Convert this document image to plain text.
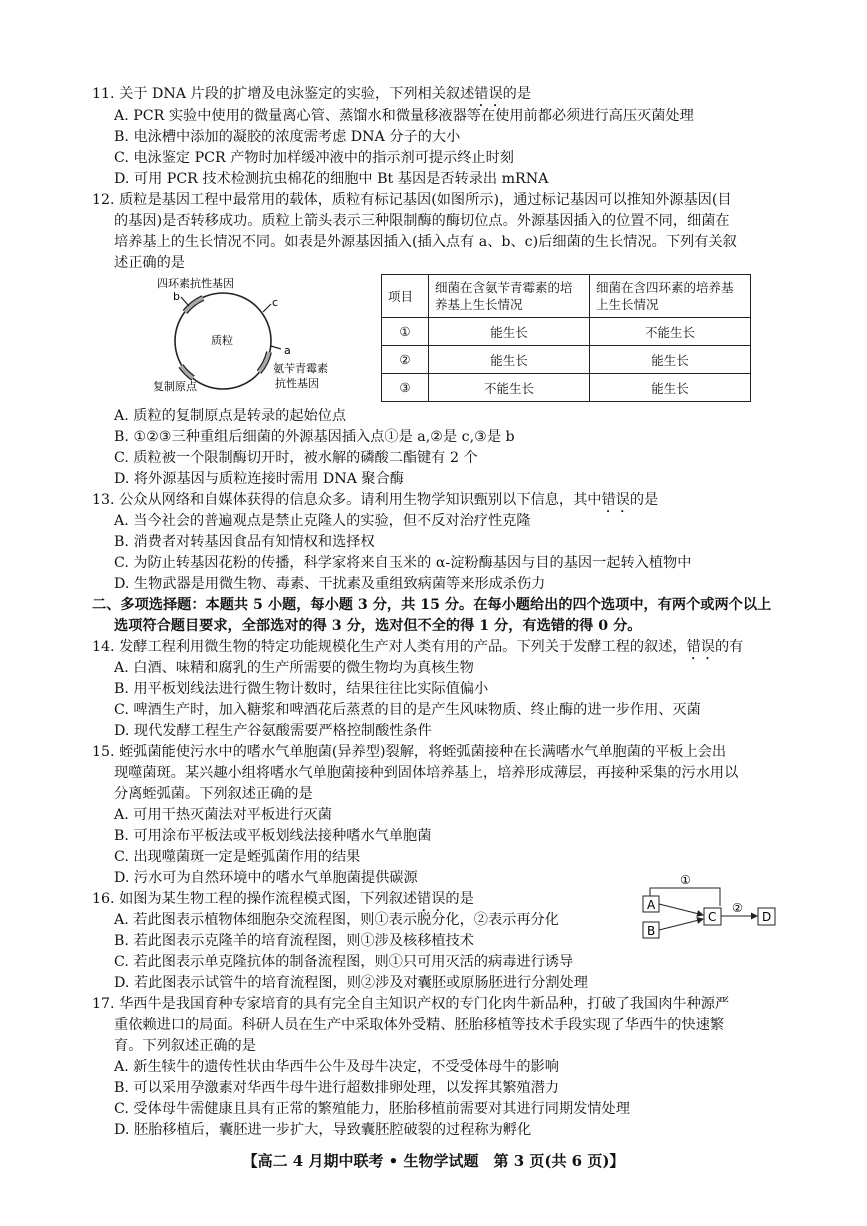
11. 关于 DNA 片段的扩增及电泳鉴定的实验，下列相关叙述错误的是
A. PCR 实验中使用的微量离心管、蒸馏水和微量移液器等在使用前都必须进行高压灭菌处理
B. 电泳槽中添加的凝胶的浓度需考虑 DNA 分子的大小
C. 电泳鉴定 PCR 产物时加样缓冲液中的指示剂可提示终止时刻
D. 可用 PCR 技术检测抗虫棉花的细胞中 Bt 基因是否转录出 mRNA
12. 质粒是基因工程中最常用的载体，质粒有标记基因(如图所示)，通过标记基因可以推知外源基因(目
的基因)是否转移成功。质粒上箭头表示三种限制酶的酶切位点。外源基因插入的位置不同，细菌在
培养基上的生长情况不同。如表是外源基因插入(插入点有 a、b、c)后细菌的生长情况。下列有关叙
述正确的是
四环素抗性基因
b	c
质粒
a
氨苄青霉素
抗性基因
复制原点
项目	细菌在含氨苄青霉素的培养基上生长情况	细菌在含四环素的培养基上生长情况
①	能生长	不能生长
②	能生长	能生长
③	不能生长	能生长
A. 质粒的复制原点是转录的起始位点
B. ①②③三种重组后细菌的外源基因插入点①是 a,②是 c,③是 b
C. 质粒被一个限制酶切开时，被水解的磷酸二酯键有 2 个
D. 将外源基因与质粒连接时需用 DNA 聚合酶
13. 公众从网络和自媒体获得的信息众多。请利用生物学知识甄别以下信息，其中错误的是
A. 当今社会的普遍观点是禁止克隆人的实验，但不反对治疗性克隆
B. 消费者对转基因食品有知情权和选择权
C. 为防止转基因花粉的传播，科学家将来自玉米的 α-淀粉酶基因与目的基因一起转入植物中
D. 生物武器是用微生物、毒素、干扰素及重组致病菌等来形成杀伤力
二、多项选择题：本题共 5 小题，每小题 3 分，共 15 分。在每小题给出的四个选项中，有两个或两个以上
选项符合题目要求，全部选对的得 3 分，选对但不全的得 1 分，有选错的得 0 分。
14. 发酵工程利用微生物的特定功能规模化生产对人类有用的产品。下列关于发酵工程的叙述，错误的有
A. 白酒、味精和腐乳的生产所需要的微生物均为真核生物
B. 用平板划线法进行微生物计数时，结果往往比实际值偏小
C. 啤酒生产时，加入糖浆和啤酒花后蒸煮的目的是产生风味物质、终止酶的进一步作用、灭菌
D. 现代发酵工程生产谷氨酸需要严格控制酸性条件
15. 蛭弧菌能使污水中的嗜水气单胞菌(异养型)裂解，将蛭弧菌接种在长满嗜水气单胞菌的平板上会出
现噬菌斑。某兴趣小组将嗜水气单胞菌接种到固体培养基上，培养形成薄层，再接种采集的污水用以
分离蛭弧菌。下列叙述正确的是
A. 可用干热灭菌法对平板进行灭菌
B. 可用涂布平板法或平板划线法接种嗜水气单胞菌
C. 出现噬菌斑一定是蛭弧菌作用的结果
D. 污水可为自然环境中的嗜水气单胞菌提供碳源
16. 如图为某生物工程的操作流程模式图，下列叙述错误的是
A. 若此图表示植物体细胞杂交流程图，则①表示脱分化，②表示再分化
B. 若此图表示克隆羊的培育流程图，则①涉及核移植技术
C. 若此图表示单克隆抗体的制备流程图，则①只可用灭活的病毒进行诱导
D. 若此图表示试管牛的培育流程图，则②涉及对囊胚或原肠胚进行分割处理
①
A
B
C	D
②
17. 华西牛是我国育种专家培育的具有完全自主知识产权的专门化肉牛新品种，打破了我国肉牛种源严
重依赖进口的局面。科研人员在生产中采取体外受精、胚胎移植等技术手段实现了华西牛的快速繁
育。下列叙述正确的是
A. 新生犊牛的遗传性状由华西牛公牛及母牛决定，不受受体母牛的影响
B. 可以采用孕激素对华西牛母牛进行超数排卵处理，以发挥其繁殖潜力
C. 受体母牛需健康且具有正常的繁殖能力，胚胎移植前需要对其进行同期发情处理
D. 胚胎移植后，囊胚进一步扩大，导致囊胚腔破裂的过程称为孵化
【高二 4 月期中联考 • 生物学试题　第 3 页(共 6 页)】
